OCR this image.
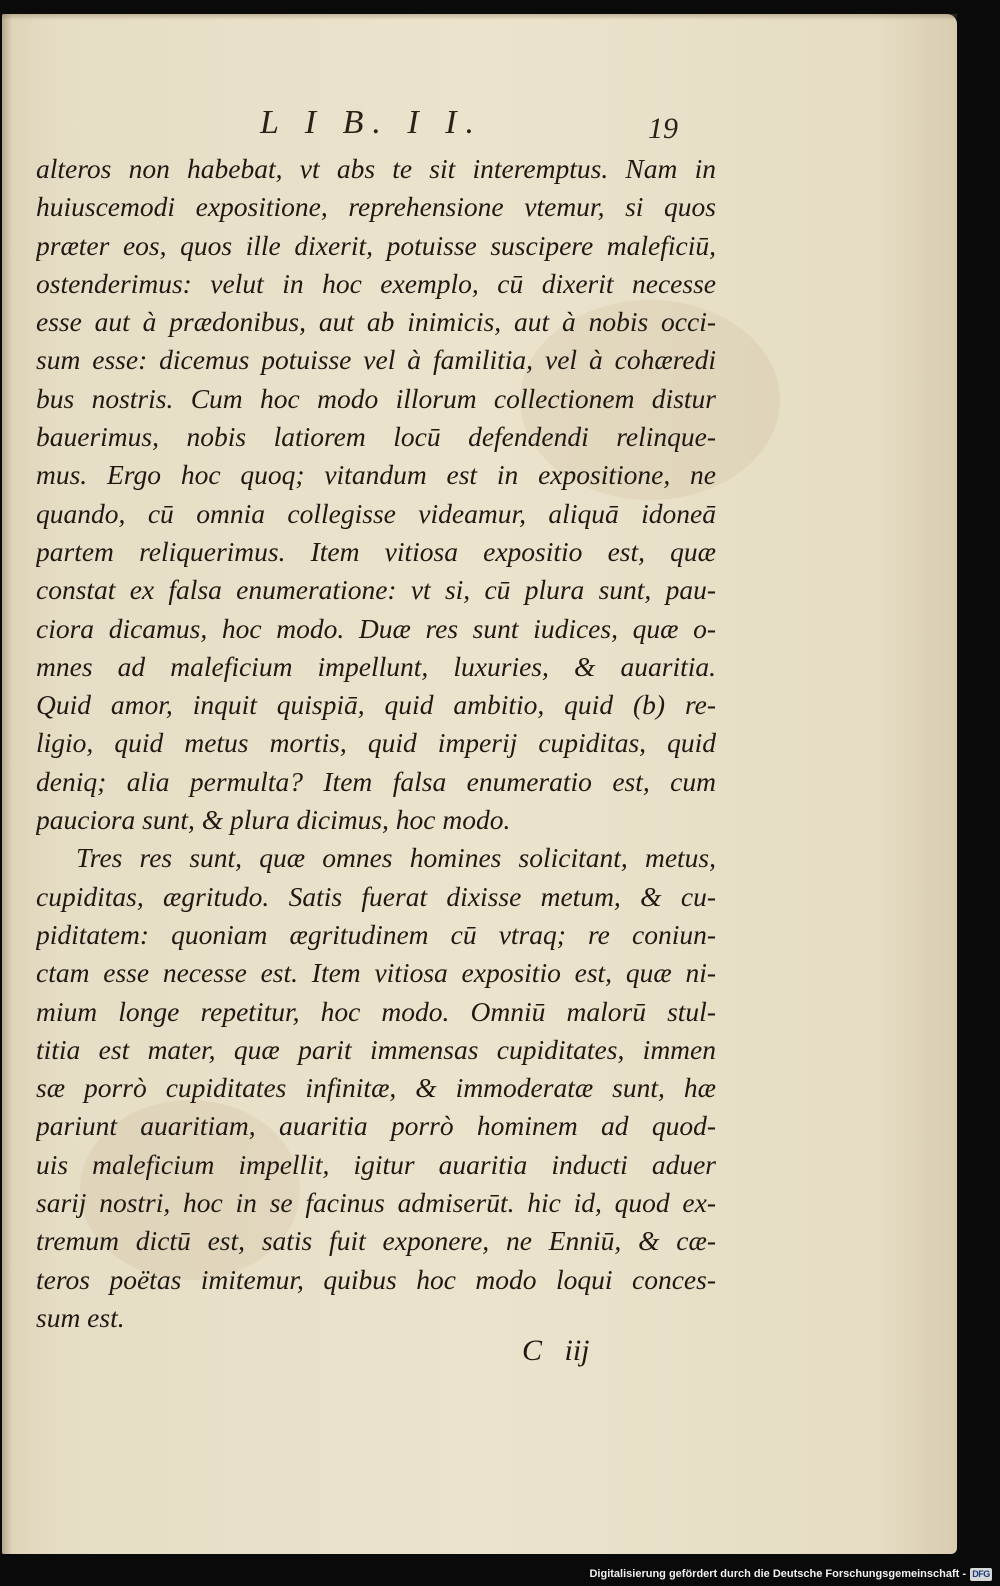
L I B. I I.	19
alteros non habebat, vt abs te sit interemptus. Nam in
huiuscemodi expositione, reprehensione vtemur, si quos
præter eos, quos ille dixerit, potuisse suscipere maleficiū,
ostenderimus: velut in hoc exemplo, cū dixerit necesse
esse aut à prædonibus, aut ab inimicis, aut à nobis occi-
sum esse: dicemus potuisse vel à familitia, vel à cohæredi
bus nostris. Cum hoc modo illorum collectionem distur
bauerimus, nobis latiorem locū defendendi relinque-
mus. Ergo hoc quoq; vitandum est in expositione, ne
quando, cū omnia collegisse videamur, aliquā idoneā
partem reliquerimus. Item vitiosa expositio est, quæ
constat ex falsa enumeratione: vt si, cū plura sunt, pau-
ciora dicamus, hoc modo. Duæ res sunt iudices, quæ o-
mnes ad maleficium impellunt, luxuries, & auaritia.
Quid amor, inquit quispiā, quid ambitio, quid (b) re-
ligio, quid metus mortis, quid imperij cupiditas, quid
deniq; alia permulta? Item falsa enumeratio est, cum
pauciora sunt, & plura dicimus, hoc modo.
Tres res sunt, quæ omnes homines solicitant, metus,
cupiditas, ægritudo. Satis fuerat dixisse metum, & cu-
piditatem: quoniam ægritudinem cū vtraq; re coniun-
ctam esse necesse est. Item vitiosa expositio est, quæ ni-
mium longe repetitur, hoc modo. Omniū malorū stul-
titia est mater, quæ parit immensas cupiditates, immen
sæ porrò cupiditates infinitæ, & immoderatæ sunt, hæ
pariunt auaritiam, auaritia porrò hominem ad quod-
uis maleficium impellit, igitur auaritia inducti aduer
sarij nostri, hoc in se facinus admiserūt. hic id, quod ex-
tremum dictū est, satis fuit exponere, ne Enniū, & cæ-
teros poëtas imitemur, quibus hoc modo loqui conces-
sum est.
C   iij
Digitalisierung gefördert durch die Deutsche Forschungsgemeinschaft - DFG
